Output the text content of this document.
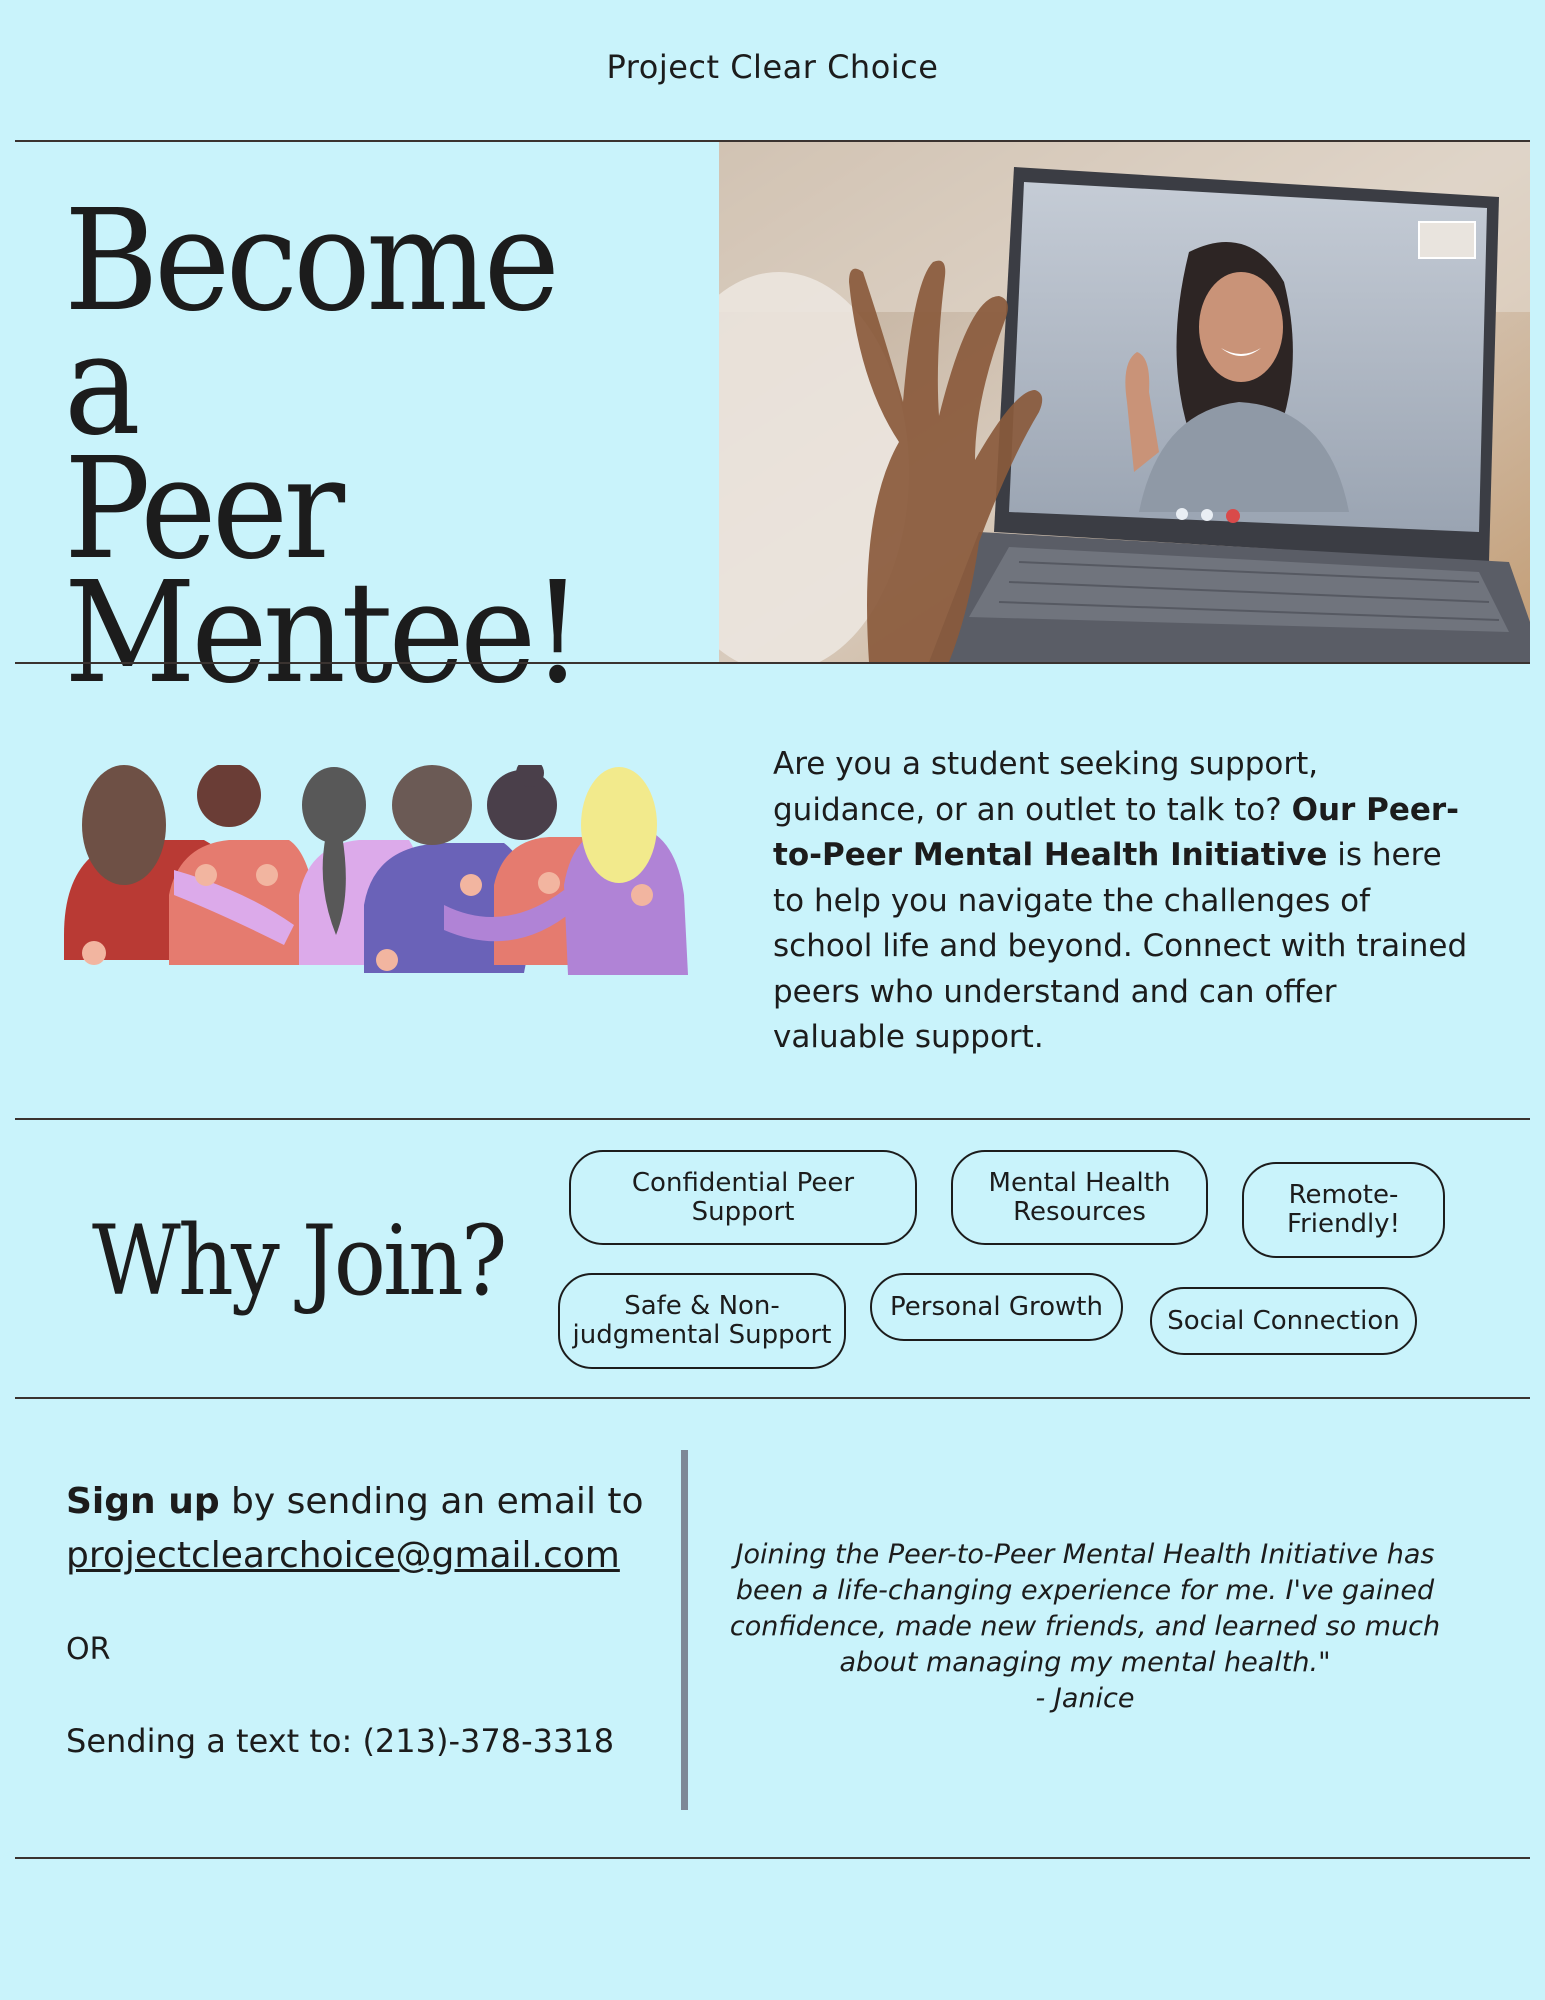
Project Clear Choice
Become a
Peer
Mentee!
Are you a student seeking support, guidance, or an outlet to talk to? Our Peer-to-Peer Mental Health Initiative is here to help you navigate the challenges of school life and beyond. Connect with trained peers who understand and can offer valuable support.
Why Join?
Confidential Peer Support
Mental Health Resources
Remote-Friendly!
Safe & Non-judgmental Support
Personal Growth	Social Connection
Sign up by sending an email to
projectclearchoice@gmail.com
OR
Sending a text to: (213)-378-3318
Joining the Peer-to-Peer Mental Health Initiative has been a life-changing experience for me. I've gained confidence, made new friends, and learned so much about managing my mental health."
- Janice
